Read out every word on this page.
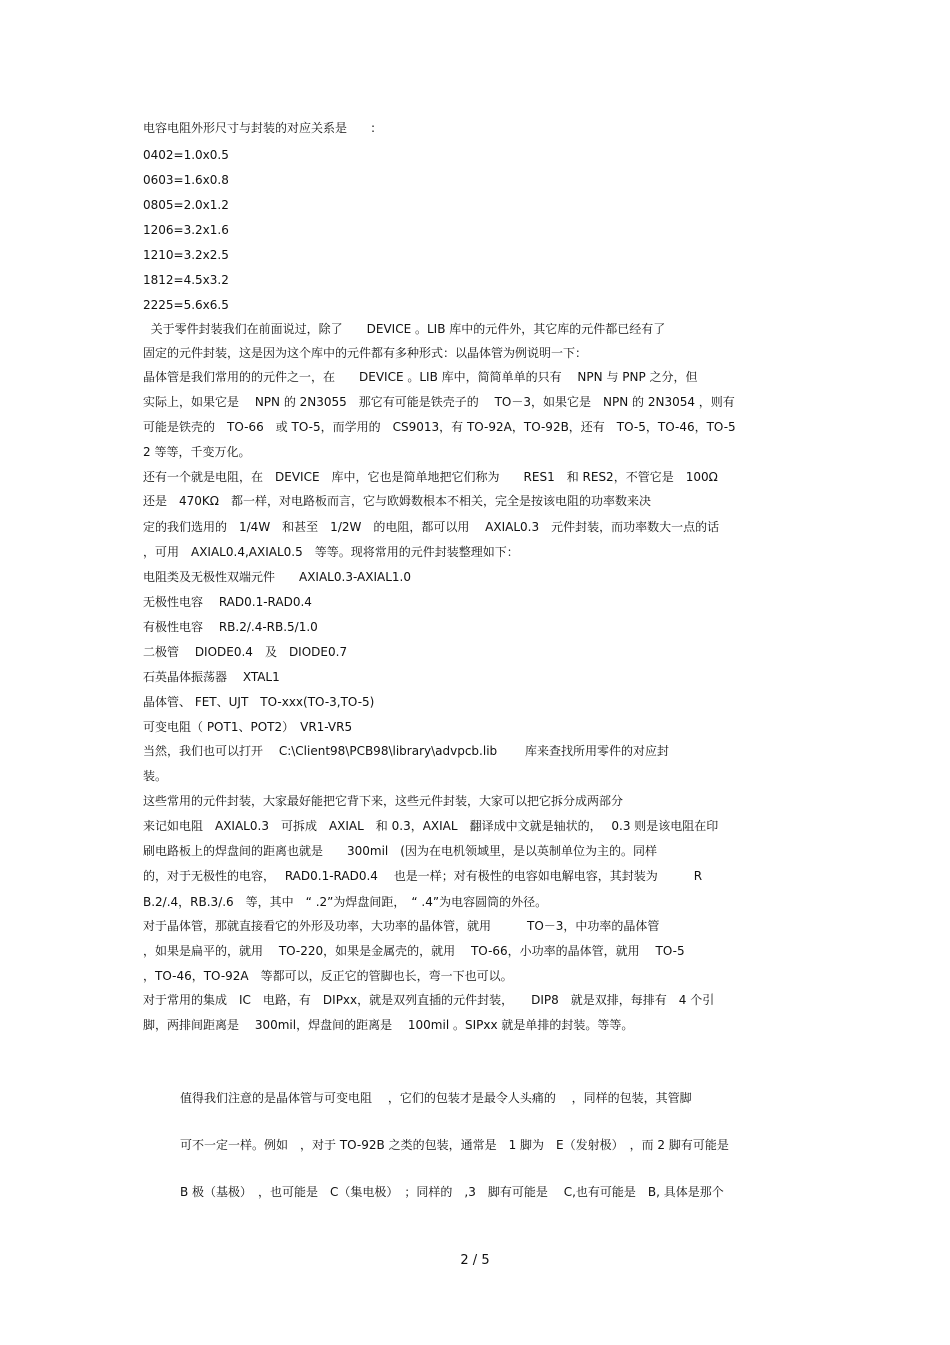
电容电阻外形尺寸与封装的对应关系是　　:

0402=1.0x0.5

0603=1.6x0.8

0805=2.0x1.2

1206=3.2x1.6

1210=3.2x2.5

1812=4.5x3.2

2225=5.6x6.5

关于零件封装我们在前面说过，除了　　DEVICE 。LIB 库中的元件外，其它库的元件都已经有了

固定的元件封装，这是因为这个库中的元件都有多种形式：以晶体管为例说明一下：

晶体管是我们常用的的元件之一，在　　DEVICE 。LIB 库中，简简单单的只有　 NPN 与 PNP 之分，但

实际上，如果它是　 NPN 的 2N3055　那它有可能是铁壳子的　 TO－3，如果它是　NPN 的 2N3054 ，则有

可能是铁壳的　TO-66　或 TO-5，而学用的　CS9013，有 TO-92A，TO-92B，还有　TO-5，TO-46，TO-5

2 等等，千变万化。

还有一个就是电阻，在　DEVICE　库中，它也是简单地把它们称为　　RES1　和 RES2，不管它是　100Ω

还是　470KΩ　都一样，对电路板而言，它与欧姆数根本不相关，完全是按该电阻的功率数来决

定的我们选用的　1/4W　和甚至　1/2W　的电阻，都可以用　 AXIAL0.3　元件封装，而功率数大一点的话

，可用　AXIAL0.4,AXIAL0.5　等等。现将常用的元件封装整理如下：

电阻类及无极性双端元件　　AXIAL0.3-AXIAL1.0

无极性电容　 RAD0.1-RAD0.4

有极性电容　 RB.2/.4-RB.5/1.0

二极管　 DIODE0.4　及　DIODE0.7

石英晶体振荡器　 XTAL1

晶体管、 FET、UJT　TO-xxx(TO-3,TO-5)

可变电阻（ POT1、POT2）　VR1-VR5

当然，我们也可以打开　 C:\Client98\PCB98\library\advpcb.lib　　 库来查找所用零件的对应封

装。

这些常用的元件封装，大家最好能把它背下来，这些元件封装，大家可以把它拆分成两部分

来记如电阻　AXIAL0.3　可拆成　AXIAL　和 0.3，AXIAL　翻译成中文就是轴状的，　 0.3 则是该电阻在印

刷电路板上的焊盘间的距离也就是　　300mil　(因为在电机领域里，是以英制单位为主的。同样

的，对于无极性的电容，　 RAD0.1-RAD0.4　 也是一样；对有极性的电容如电解电容，其封装为　　　R

B.2/.4，RB.3/.6　等，其中　“ .2”为焊盘间距，　“ .4”为电容圆筒的外径。

对于晶体管，那就直接看它的外形及功率，大功率的晶体管，就用　　　TO－3，中功率的晶体管

，如果是扁平的，就用　 TO-220，如果是金属壳的，就用　 TO-66，小功率的晶体管，就用　 TO-5

，TO-46，TO-92A　等都可以，反正它的管脚也长，弯一下也可以。

对于常用的集成　IC　电路，有　DIPxx，就是双列直插的元件封装，　　DIP8　就是双排，每排有　4 个引

脚，两排间距离是　 300mil，焊盘间的距离是　 100mil 。SIPxx 就是单排的封装。等等。

值得我们注意的是晶体管与可变电阻　 ，它们的包装才是最令人头痛的　 ，同样的包装，其管脚

可不一定一样。例如　，对于 TO-92B 之类的包装，通常是　1 脚为　E（发射极）　，而 2 脚有可能是

B 极（基极）　，也可能是　C（集电极）　；同样的　,3　脚有可能是　 C,也有可能是　B, 具体是那个

2 / 5
